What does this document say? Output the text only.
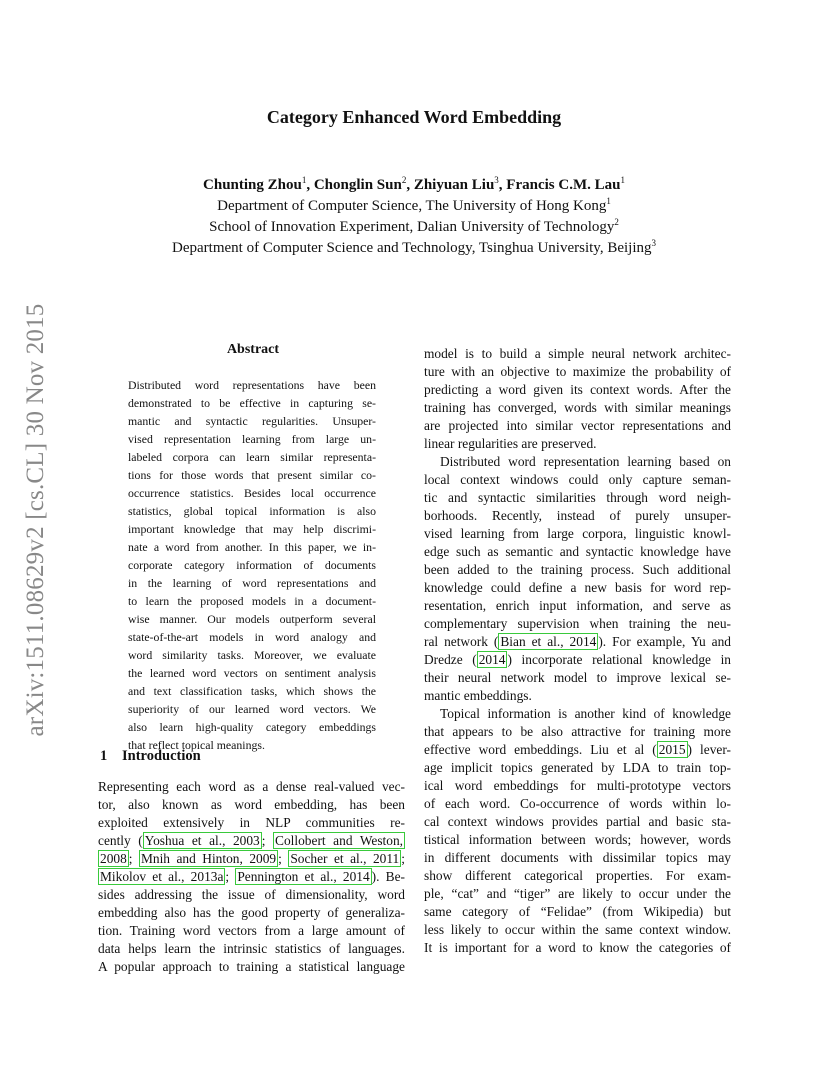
arXiv:1511.08629v2 [cs.CL] 30 Nov 2015
Category Enhanced Word Embedding
Chunting Zhou$^1$, Chonglin Sun$^2$, Zhiyuan Liu$^3$, Francis C.M. Lau$^1$
Department of Computer Science, The University of Hong Kong$^1$
School of Innovation Experiment, Dalian University of Technology$^2$
Department of Computer Science and Technology, Tsinghua University, Beijing$^3$
Abstract
Distributed word representations have been
demonstrated to be effective in capturing se-
mantic and syntactic regularities. Unsuper-
vised representation learning from large un-
labeled corpora can learn similar representa-
tions for those words that present similar co-
occurrence statistics. Besides local occurrence
statistics, global topical information is also
important knowledge that may help discrimi-
nate a word from another. In this paper, we in-
corporate category information of documents
in the learning of word representations and
to learn the proposed models in a document-
wise manner. Our models outperform several
state-of-the-art models in word analogy and
word similarity tasks. Moreover, we evaluate
the learned word vectors on sentiment analysis
and text classification tasks, which shows the
superiority of our learned word vectors. We
also learn high-quality category embeddings
that reflect topical meanings.
1 Introduction
Representing each word as a dense real-valued vec-
tor, also known as word embedding, has been
exploited extensively in NLP communities re-
cently ( Yoshua et al., 2003 ; Collobert and Weston,
2008 ; Mnih and Hinton, 2009 ; Socher et al., 2011 ;
Mikolov et al., 2013a ; Pennington et al., 2014 ). Be-
sides addressing the issue of dimensionality, word
embedding also has the good property of generaliza-
tion. Training word vectors from a large amount of
data helps learn the intrinsic statistics of languages.
A popular approach to training a statistical language
model is to build a simple neural network architec-
ture with an objective to maximize the probability of
predicting a word given its context words. After the
training has converged, words with similar meanings
are projected into similar vector representations and
linear regularities are preserved.
Distributed word representation learning based on
local context windows could only capture seman-
tic and syntactic similarities through word neigh-
borhoods. Recently, instead of purely unsuper-
vised learning from large corpora, linguistic knowl-
edge such as semantic and syntactic knowledge have
been added to the training process. Such additional
knowledge could define a new basis for word rep-
resentation, enrich input information, and serve as
complementary supervision when training the neu-
ral network ( Bian et al., 2014 ). For example, Yu and
Dredze ( 2014 ) incorporate relational knowledge in
their neural network model to improve lexical se-
mantic embeddings.
Topical information is another kind of knowledge
that appears to be also attractive for training more
effective word embeddings. Liu et al ( 2015 ) lever-
age implicit topics generated by LDA to train top-
ical word embeddings for multi-prototype vectors
of each word. Co-occurrence of words within lo-
cal context windows provides partial and basic sta-
tistical information between words; however, words
in different documents with dissimilar topics may
show different categorical properties. For exam-
ple, “cat” and “tiger” are likely to occur under the
same category of “Felidae” (from Wikipedia) but
less likely to occur within the same context window.
It is important for a word to know the categories of
